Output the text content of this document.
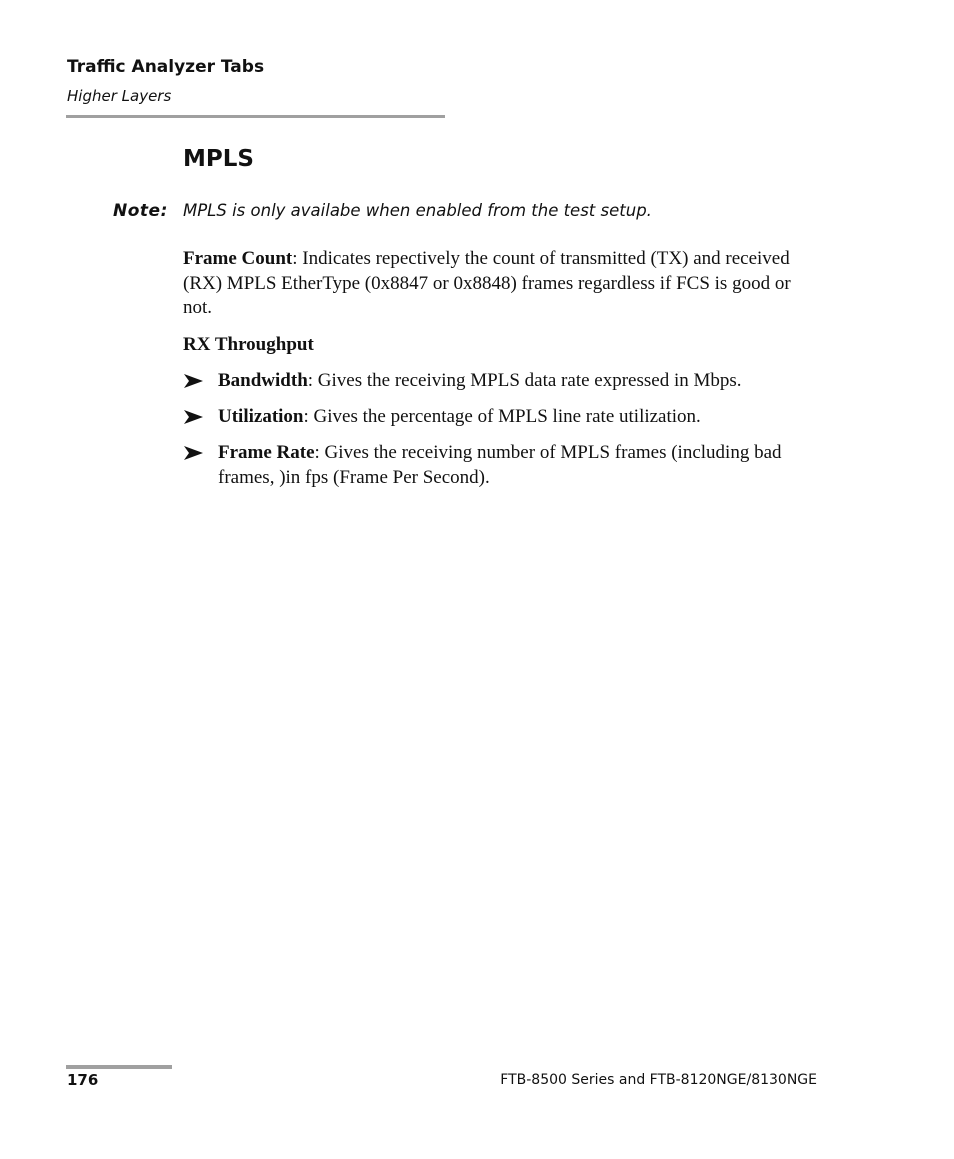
Traffic Analyzer Tabs
Higher Layers
MPLS
Note: MPLS is only availabe when enabled from the test setup.
Frame Count: Indicates repectively the count of transmitted (TX) and received (RX) MPLS EtherType (0x8847 or 0x8848) frames regardless if FCS is good or not.
RX Throughput
Bandwidth: Gives the receiving MPLS data rate expressed in Mbps.
Utilization: Gives the percentage of MPLS line rate utilization.
Frame Rate: Gives the receiving number of MPLS frames (including bad frames, )in fps (Frame Per Second).
176	FTB-8500 Series and FTB-8120NGE/8130NGE
